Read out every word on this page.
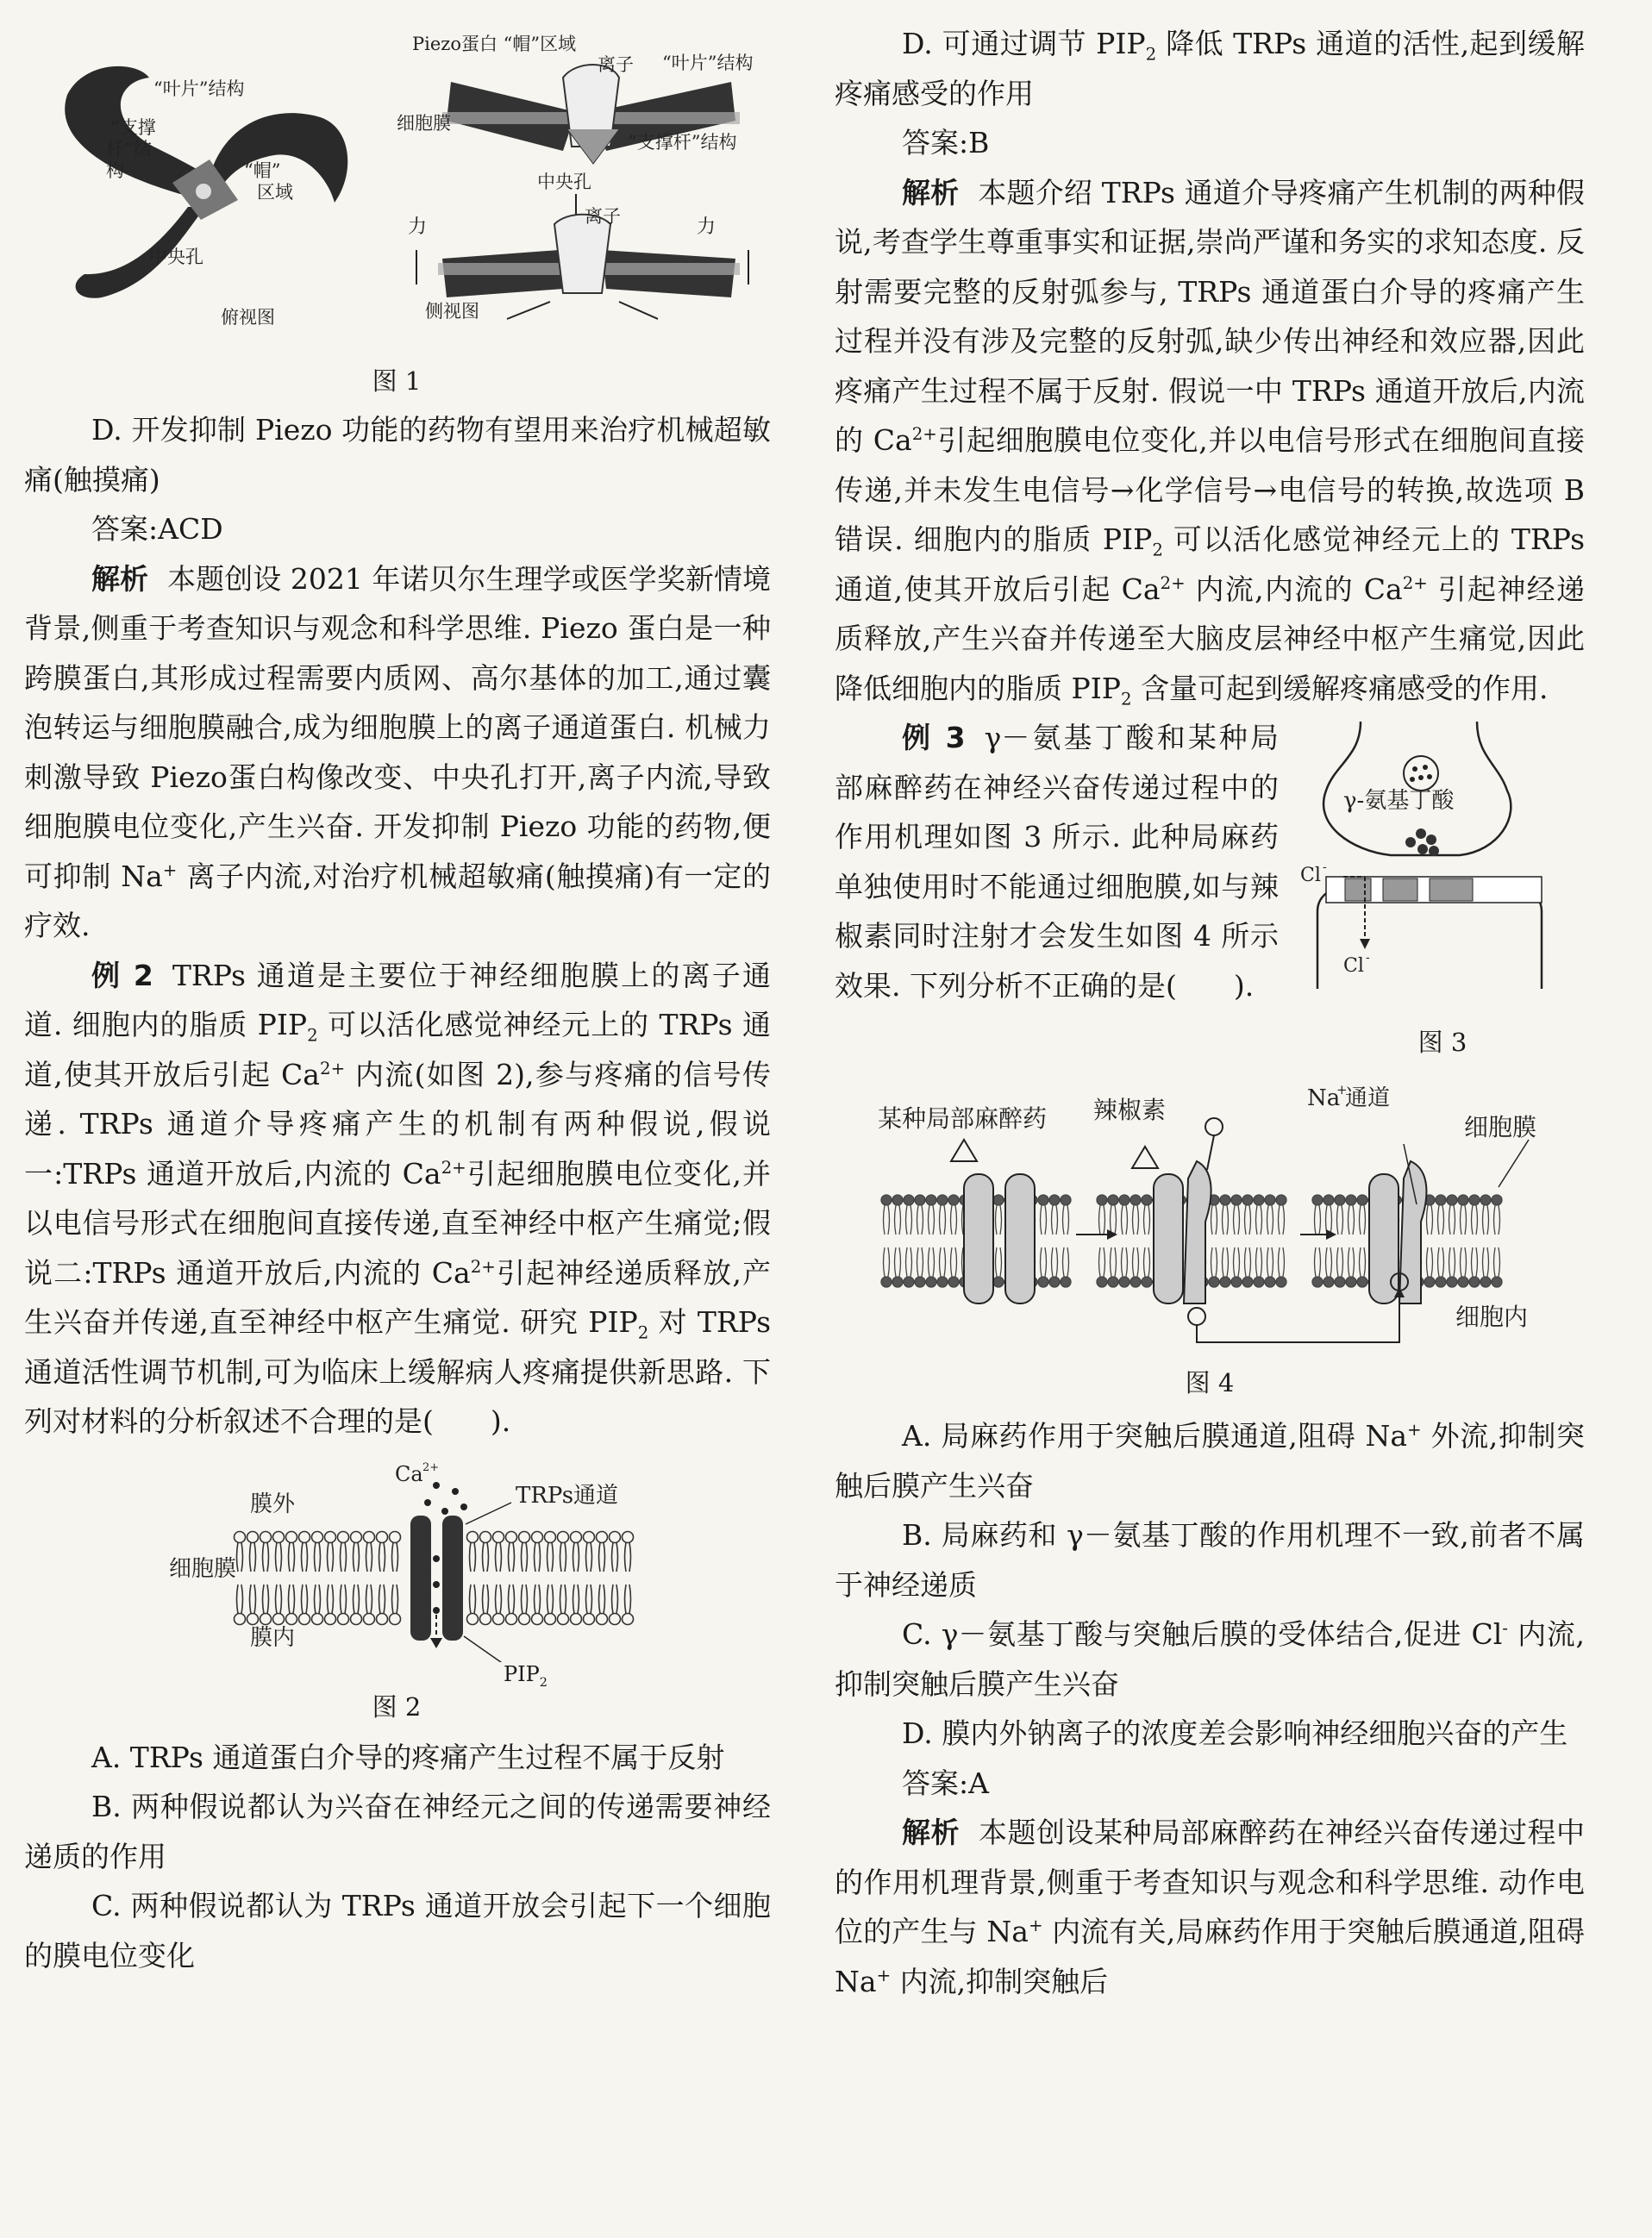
“叶片”结构
“支撑
杆”结
构	“帽”
区域
中央孔
俯视图
Piezo蛋白 “帽”区域
离子 “叶片”结构
细胞膜
“支撑杆”结构
中央孔
力	离子	力
侧视图
图 1

D. 开发抑制 Piezo 功能的药物有望用来治疗机械超敏痛(触摸痛)

答案:ACD

解析 本题创设 2021 年诺贝尔生理学或医学奖新情境背景,侧重于考查知识与观念和科学思维. Piezo 蛋白是一种跨膜蛋白,其形成过程需要内质网、高尔基体的加工,通过囊泡转运与细胞膜融合,成为细胞膜上的离子通道蛋白. 机械力刺激导致 Piezo蛋白构像改变、中央孔打开,离子内流,导致细胞膜电位变化,产生兴奋. 开发抑制 Piezo 功能的药物,便可抑制 Na+ 离子内流,对治疗机械超敏痛(触摸痛)有一定的疗效.

例 2 TRPs 通道是主要位于神经细胞膜上的离子通道. 细胞内的脂质 $PIP_2$ 可以活化感觉神经元上的 TRPs 通道,使其开放后引起 $Ca^{2+}$ 内流(如图 2),参与疼痛的信号传递. TRPs 通道介导疼痛产生的机制有两种假说,假说一:TRPs 通道开放后,内流的 $Ca^{2+}$引起细胞膜电位变化,并以电信号形式在细胞间直接传递,直至神经中枢产生痛觉;假说二:TRPs 通道开放后,内流的 $Ca^{2+}$引起神经递质释放,产生兴奋并传递,直至神经中枢产生痛觉. 研究 $PIP_2$ 对 TRPs 通道活性调节机制,可为临床上缓解病人疼痛提供新思路. 下列对材料的分析叙述不合理的是(　　).

Ca 2+
TRPs通道
膜外
细胞膜
膜内
$PIP_2$
图 2

A. TRPs 通道蛋白介导的疼痛产生过程不属于反射

B. 两种假说都认为兴奋在神经元之间的传递需要神经递质的作用

C. 两种假说都认为 TRPs 通道开放会引起下一个细胞的膜电位变化

D. 可通过调节 $PIP_2$ 降低 TRPs 通道的活性,起到缓解疼痛感受的作用

答案:B

解析 本题介绍 TRPs 通道介导疼痛产生机制的两种假说,考查学生尊重事实和证据,崇尚严谨和务实的求知态度. 反射需要完整的反射弧参与, TRPs 通道蛋白介导的疼痛产生过程并没有涉及完整的反射弧,缺少传出神经和效应器,因此疼痛产生过程不属于反射. 假说一中 TRPs 通道开放后,内流的 $Ca^{2+}$引起细胞膜电位变化,并以电信号形式在细胞间直接传递,并未发生电信号→化学信号→电信号的转换,故选项 B 错误. 细胞内的脂质 $PIP_2$ 可以活化感觉神经元上的 TRPs 通道,使其开放后引起 $Ca^{2+}$ 内流,内流的 $Ca^{2+}$ 引起神经递质释放,产生兴奋并传递至大脑皮层神经中枢产生痛觉,因此降低细胞内的脂质 $PIP_2$ 含量可起到缓解疼痛感受的作用.

例 3 γ－氨基丁酸和某种局部麻醉药在神经兴奋传递过程中的作用机理如图 3 所示. 此种局麻药单独使用时不能通过细胞膜,如与辣椒素同时注射才会发生如图 4 所示效果. 下列分析不正确的是(　　).

γ-氨基丁酸
Cl -
Cl -
图 3
某种局部麻醉药 辣椒素	Na
+
通道
细胞膜
细胞内
图 4

A. 局麻药作用于突触后膜通道,阻碍 Na+ 外流,抑制突触后膜产生兴奋

B. 局麻药和 γ－氨基丁酸的作用机理不一致,前者不属于神经递质

C. γ－氨基丁酸与突触后膜的受体结合,促进 Cl- 内流,抑制突触后膜产生兴奋

D. 膜内外钠离子的浓度差会影响神经细胞兴奋的产生

答案:A

解析 本题创设某种局部麻醉药在神经兴奋传递过程中的作用机理背景,侧重于考查知识与观念和科学思维. 动作电位的产生与 Na+ 内流有关,局麻药作用于突触后膜通道,阻碍 Na+ 内流,抑制突触后
